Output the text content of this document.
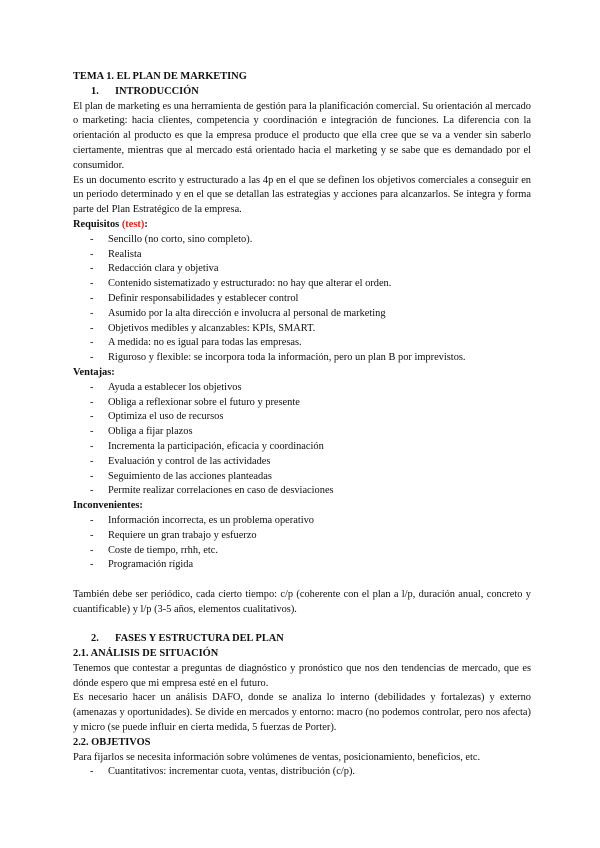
TEMA 1. EL PLAN DE MARKETING

1. INTRODUCCIÓN

El plan de marketing es una herramienta de gestión para la planificación comercial. Su orientación al mercado o marketing: hacia clientes, competencia y coordinación e integración de funciones. La diferencia con la orientación al producto es que la empresa produce el producto que ella cree que se va a vender sin saberlo ciertamente, mientras que al mercado está orientado hacia el marketing y se sabe que es demandado por el consumidor.

Es un documento escrito y estructurado a las 4p en el que se definen los objetivos comerciales a conseguir en un periodo determinado y en el que se detallan las estrategias y acciones para alcanzarlos. Se integra y forma parte del Plan Estratégico de la empresa.

Requisitos (test):

- Sencillo (no corto, sino completo).
- Realista
- Redacción clara y objetiva
- Contenido sistematizado y estructurado: no hay que alterar el orden.
- Definir responsabilidades y establecer control
- Asumido por la alta dirección e involucra al personal de marketing
- Objetivos medibles y alcanzables: KPIs, SMART.
- A medida: no es igual para todas las empresas.
- Riguroso y flexible: se incorpora toda la información, pero un plan B por imprevistos.

Ventajas:

- Ayuda a establecer los objetivos
- Obliga a reflexionar sobre el futuro y presente
- Optimiza el uso de recursos
- Obliga a fijar plazos
- Incrementa la participación, eficacia y coordinación
- Evaluación y control de las actividades
- Seguimiento de las acciones planteadas
- Permite realizar correlaciones en caso de desviaciones

Inconvenientes:

- Información incorrecta, es un problema operativo
- Requiere un gran trabajo y esfuerzo
- Coste de tiempo, rrhh, etc.
- Programación rígida

También debe ser periódico, cada cierto tiempo: c/p (coherente con el plan a l/p, duración anual, concreto y cuantificable) y l/p (3-5 años, elementos cualitativos).

2. FASES Y ESTRUCTURA DEL PLAN

2.1. ANÁLISIS DE SITUACIÓN

Tenemos que contestar a preguntas de diagnóstico y pronóstico que nos den tendencias de mercado, que es dónde espero que mi empresa esté en el futuro.

Es necesario hacer un análisis DAFO, donde se analiza lo interno (debilidades y fortalezas) y externo (amenazas y oportunidades). Se divide en mercados y entorno: macro (no podemos controlar, pero nos afecta) y micro (se puede influir en cierta medida, 5 fuerzas de Porter).

2.2. OBJETIVOS

Para fijarlos se necesita información sobre volúmenes de ventas, posicionamiento, beneficios, etc.

- Cuantitativos: incrementar cuota, ventas, distribución (c/p).
